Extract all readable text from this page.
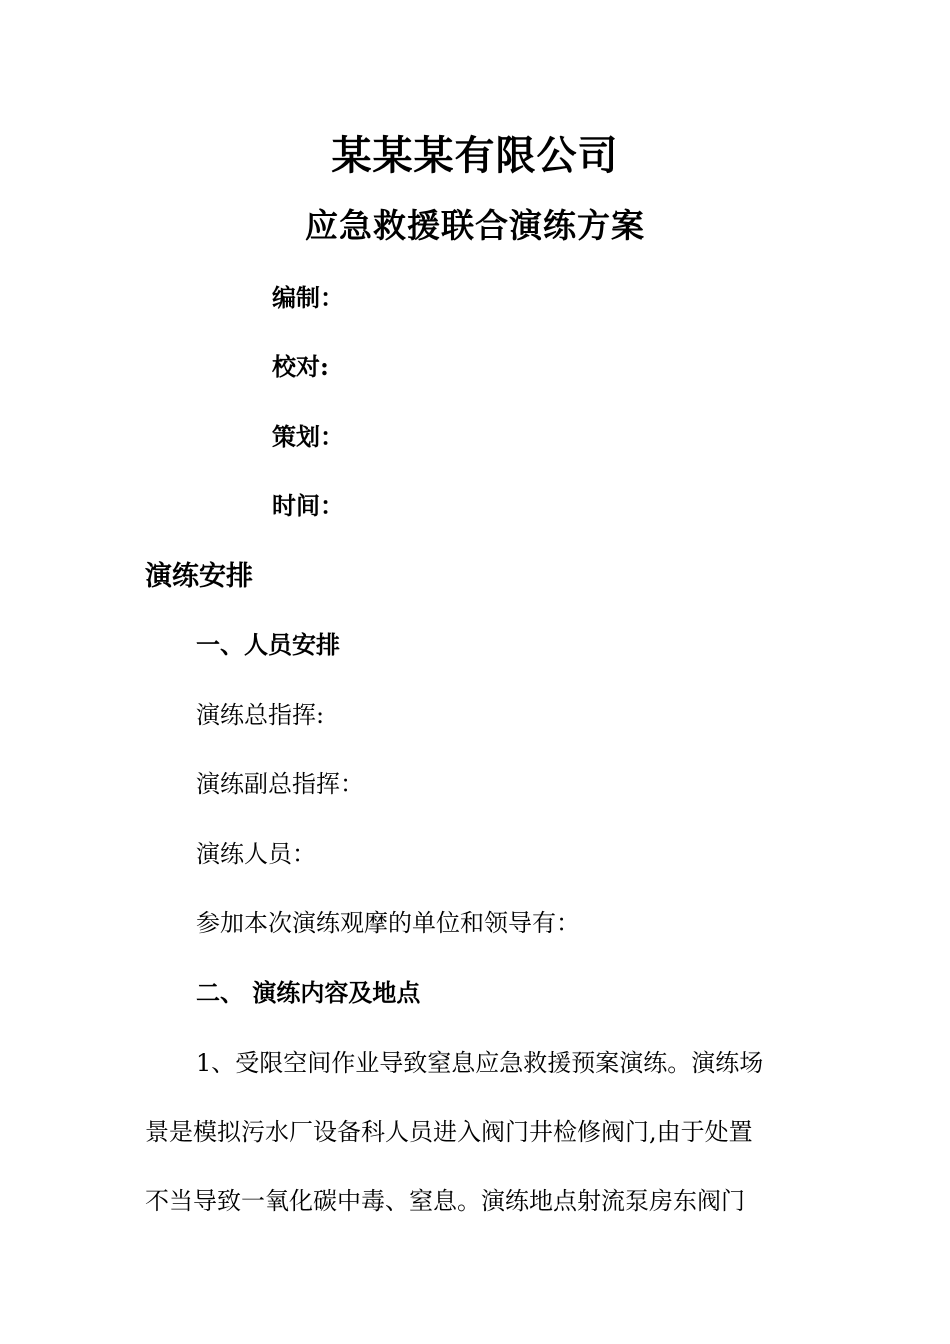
某某某有限公司
应急救援联合演练方案
编制：
校对:
策划：
时间：
演练安排
一、人员安排
演练总指挥:
演练副总指挥：
演练人员：
参加本次演练观摩的单位和领导有：
二、 演练内容及地点
1、受限空间作业导致窒息应急救援预案演练。演练场
景是模拟污水厂设备科人员进入阀门井检修阀门,由于处置
不当导致一氧化碳中毒、窒息。演练地点射流泵房东阀门
